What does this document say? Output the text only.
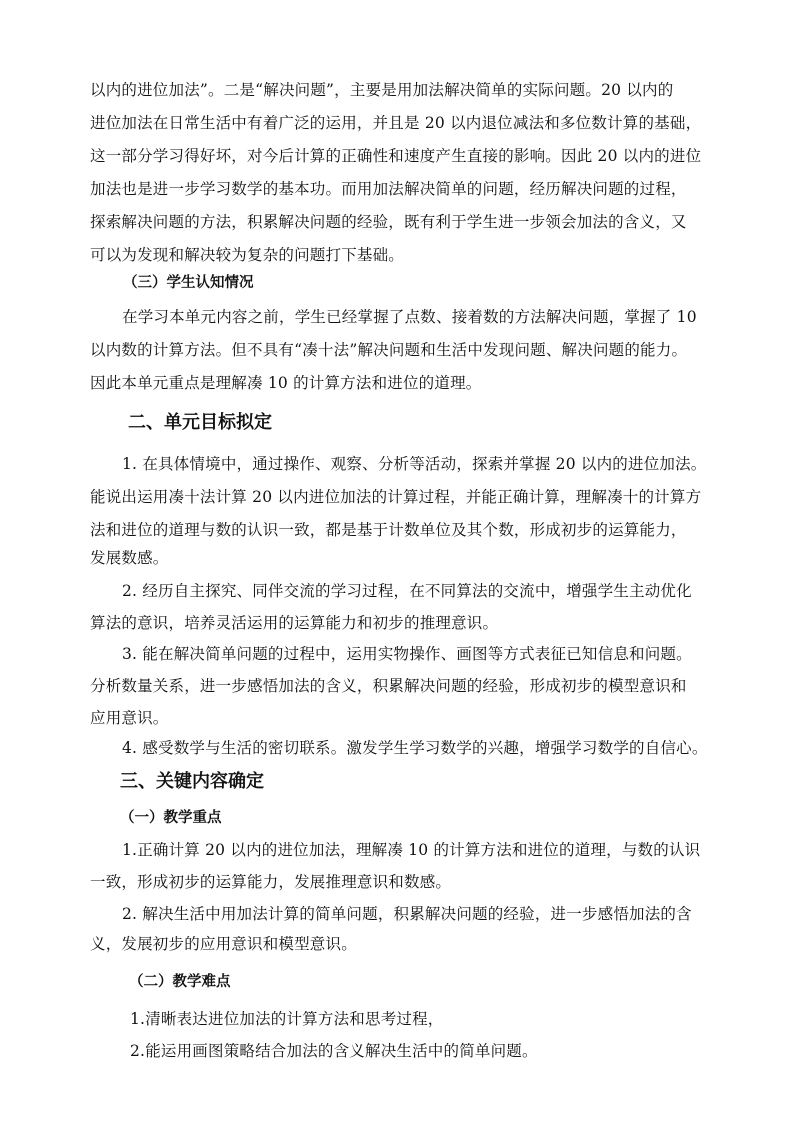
以内的进位加法”。二是“解决问题”，主要是用加法解决简单的实际问题。20 以内的
进位加法在日常生活中有着广泛的运用，并且是 20 以内退位减法和多位数计算的基础，
这一部分学习得好坏，对今后计算的正确性和速度产生直接的影响。因此 20 以内的进位
加法也是进一步学习数学的基本功。而用加法解决简单的问题，经历解决问题的过程，
探索解决问题的方法，积累解决问题的经验，既有利于学生进一步领会加法的含义，又
可以为发现和解决较为复杂的问题打下基础。
（三）学生认知情况
在学习本单元内容之前，学生已经掌握了点数、接着数的方法解决问题，掌握了 10
以内数的计算方法。但不具有“凑十法”解决问题和生活中发现问题、解决问题的能力。
因此本单元重点是理解凑 10 的计算方法和进位的道理。
二、单元目标拟定
1. 在具体情境中，通过操作、观察、分析等活动，探索并掌握 20 以内的进位加法。
能说出运用凑十法计算 20 以内进位加法的计算过程，并能正确计算，理解凑十的计算方
法和进位的道理与数的认识一致，都是基于计数单位及其个数，形成初步的运算能力，
发展数感。
2. 经历自主探究、同伴交流的学习过程，在不同算法的交流中，增强学生主动优化
算法的意识，培养灵活运用的运算能力和初步的推理意识。
3. 能在解决简单问题的过程中，运用实物操作、画图等方式表征已知信息和问题。
分析数量关系，进一步感悟加法的含义，积累解决问题的经验，形成初步的模型意识和
应用意识。
4. 感受数学与生活的密切联系。激发学生学习数学的兴趣，增强学习数学的自信心。
三、关键内容确定
（一）教学重点
1.正确计算 20 以内的进位加法，理解凑 10 的计算方法和进位的道理，与数的认识
一致，形成初步的运算能力，发展推理意识和数感。
2. 解决生活中用加法计算的简单问题，积累解决问题的经验，进一步感悟加法的含
义，发展初步的应用意识和模型意识。
（二）教学难点
1.清晰表达进位加法的计算方法和思考过程，
2.能运用画图策略结合加法的含义解决生活中的简单问题。
